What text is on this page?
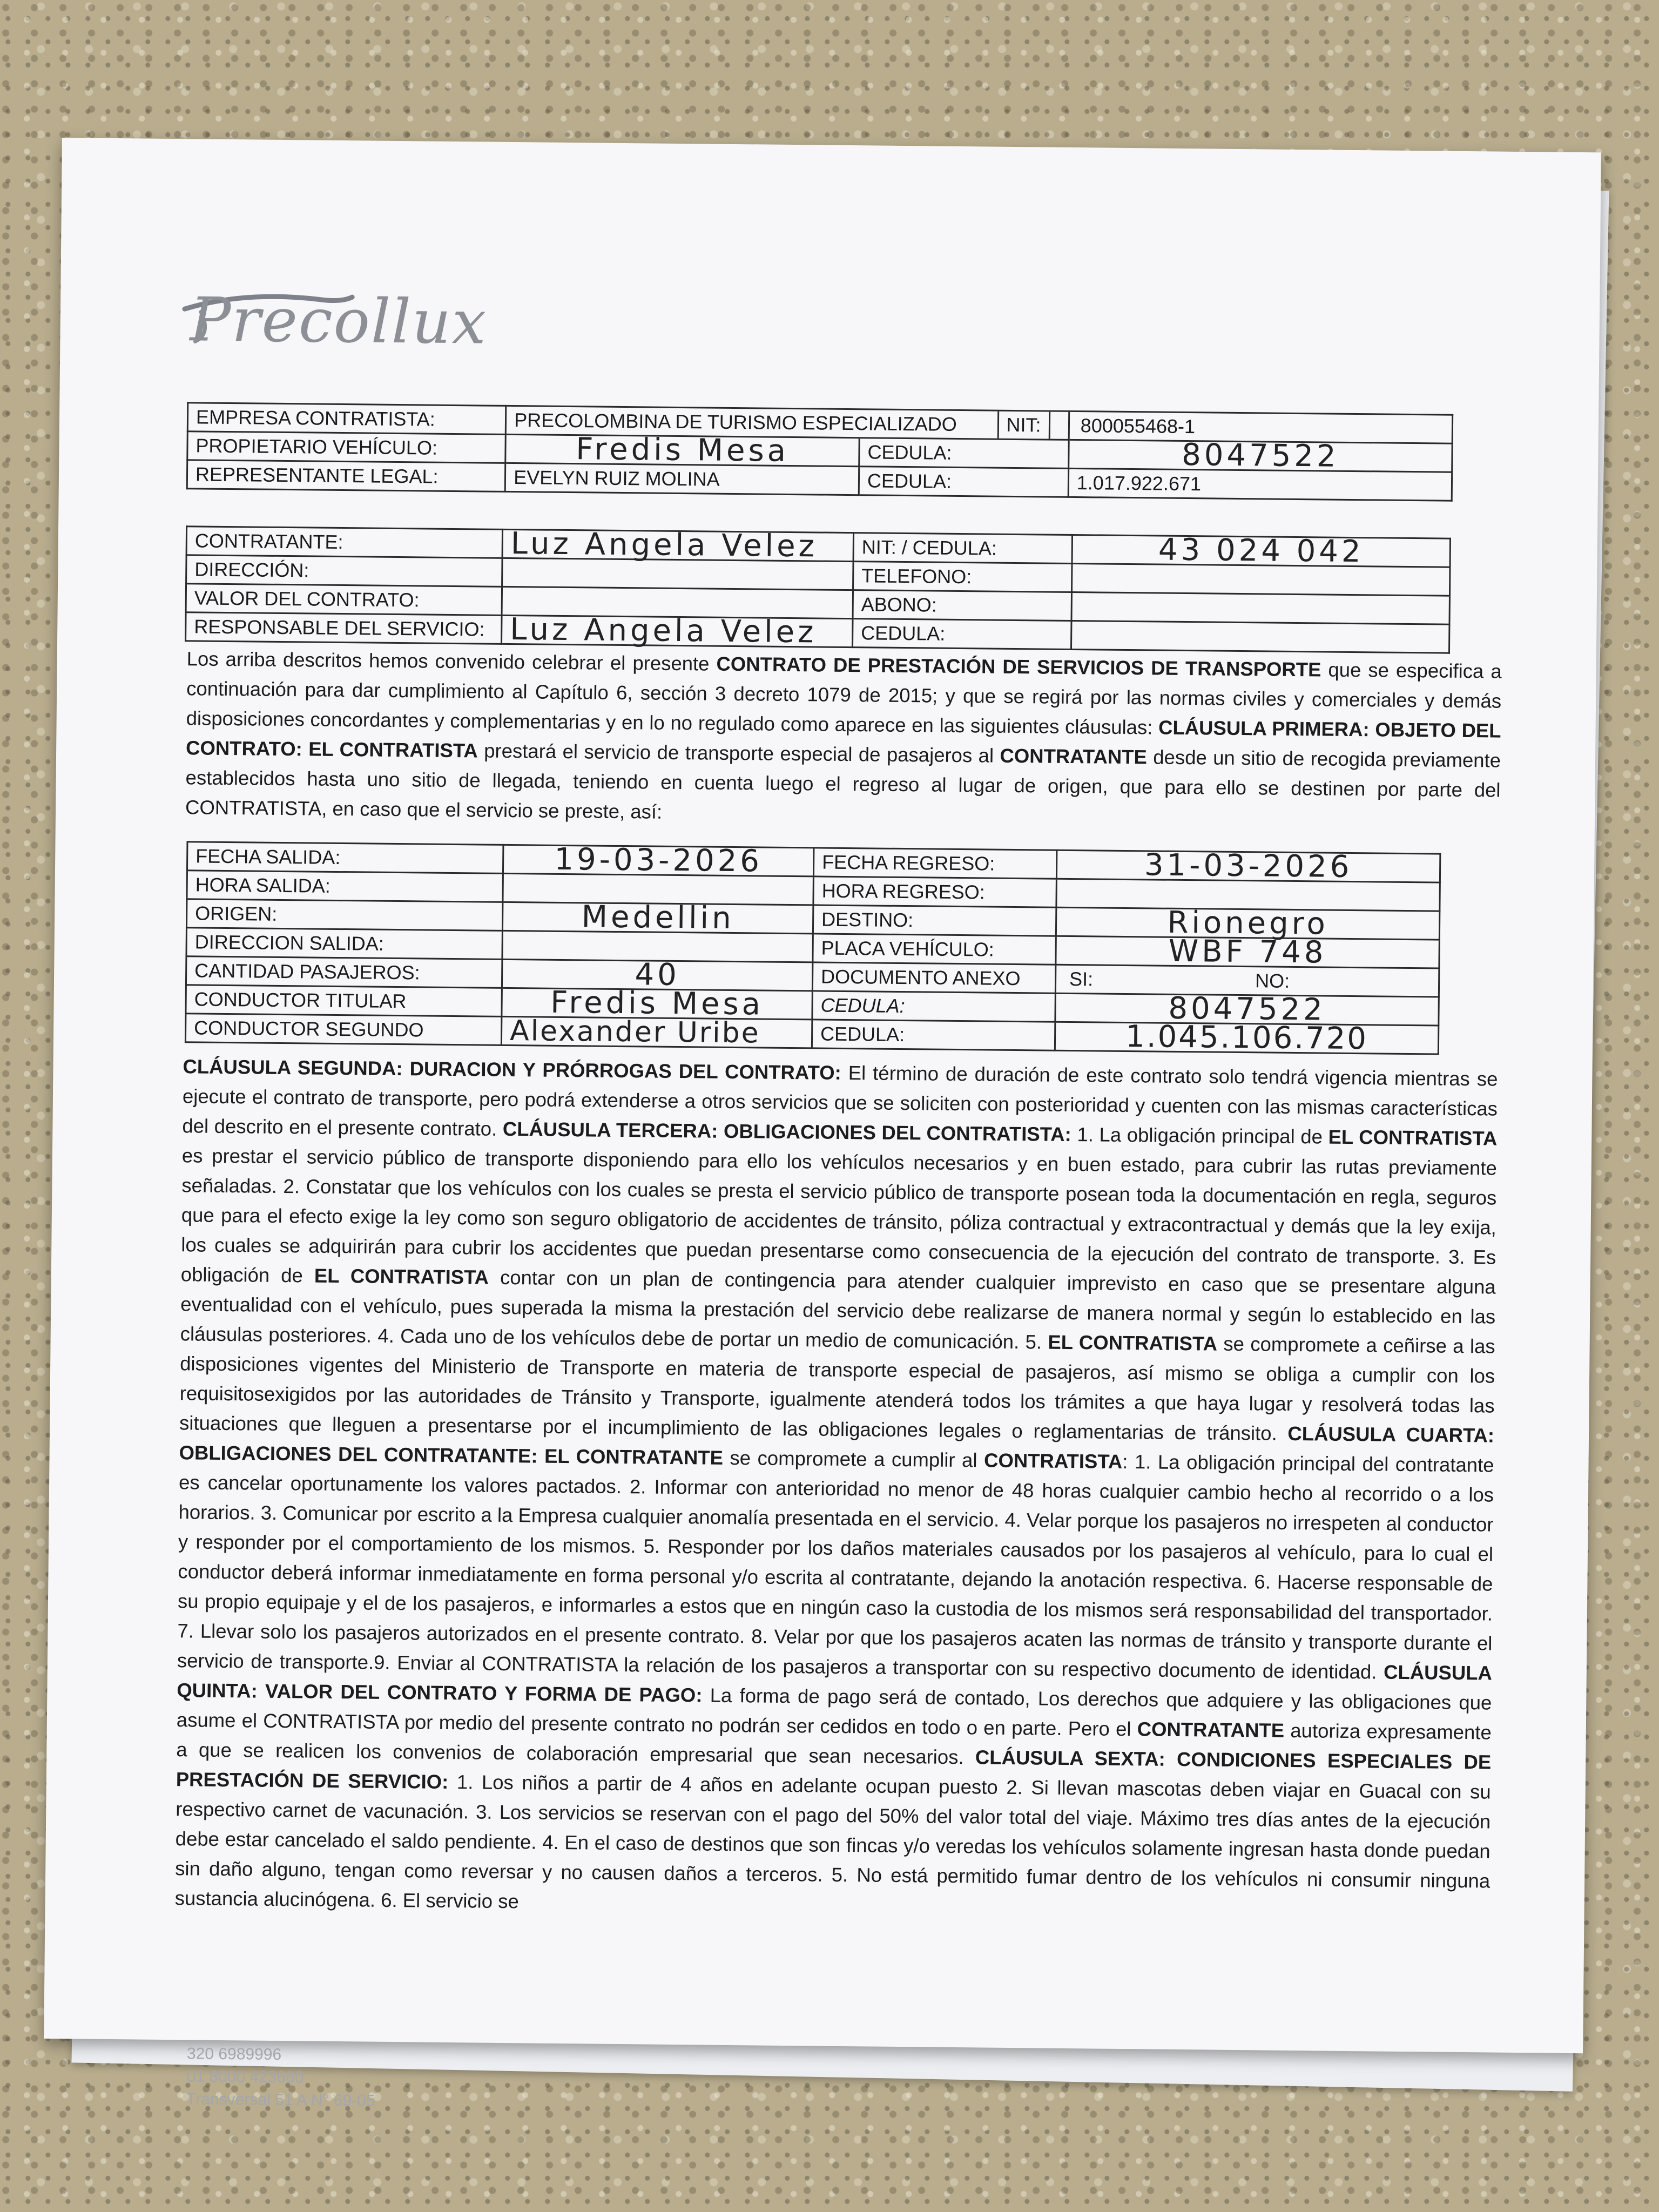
Precollux
EMPRESA CONTRATISTA:	PRECOLOMBINA DE TURISMO ESPECIALIZADO	NIT:	800055468-1
PROPIETARIO VEHÍCULO:	Fredis Mesa	CEDULA:	8047522
REPRESENTANTE LEGAL:	EVELYN RUIZ MOLINA	CEDULA:	1.017.922.671
CONTRATANTE:	Luz Angela Velez	NIT: / CEDULA:	43 024 042
DIRECCIÓN:		TELEFONO:	
VALOR DEL CONTRATO:		ABONO:	
RESPONSABLE DEL SERVICIO:	Luz Angela Velez	CEDULA:	

Los arriba descritos hemos convenido celebrar el presente CONTRATO DE PRESTACIÓN DE SERVICIOS DE TRANSPORTE que se especifica a continuación para dar cumplimiento al Capítulo 6, sección 3 decreto 1079 de 2015; y que se regirá por las normas civiles y comerciales y demás disposiciones concordantes y complementarias y en lo no regulado como aparece en las siguientes cláusulas: CLÁUSULA PRIMERA: OBJETO DEL CONTRATO: EL CONTRATISTA prestará el servicio de transporte especial de pasajeros al CONTRATANTE desde un sitio de recogida previamente establecidos hasta uno sitio de llegada, teniendo en cuenta luego el regreso al lugar de origen, que para ello se destinen por parte del CONTRATISTA, en caso que el servicio se preste, así:

FECHA SALIDA:	19-03-2026	FECHA REGRESO:	31-03-2026
HORA SALIDA:		HORA REGRESO:	
ORIGEN:	Medellin	DESTINO:	Rionegro
DIRECCION SALIDA:		PLACA VEHÍCULO:	WBF 748
CANTIDAD PASAJEROS:	40	DOCUMENTO ANEXO	SI: NO:
CONDUCTOR TITULAR	Fredis Mesa	CEDULA:	8047522
CONDUCTOR SEGUNDO	Alexander Uribe	CEDULA:	1.045.106.720

CLÁUSULA SEGUNDA: DURACION Y PRÓRROGAS DEL CONTRATO: El término de duración de este contrato solo tendrá vigencia mientras se ejecute el contrato de transporte, pero podrá extenderse a otros servicios que se soliciten con posterioridad y cuenten con las mismas características del descrito en el presente contrato. CLÁUSULA TERCERA: OBLIGACIONES DEL CONTRATISTA: 1. La obligación principal de EL CONTRATISTA es prestar el servicio público de transporte disponiendo para ello los vehículos necesarios y en buen estado, para cubrir las rutas previamente señaladas. 2. Constatar que los vehículos con los cuales se presta el servicio público de transporte posean toda la documentación en regla, seguros que para el efecto exige la ley como son seguro obligatorio de accidentes de tránsito, póliza contractual y extracontractual y demás que la ley exija, los cuales se adquirirán para cubrir los accidentes que puedan presentarse como consecuencia de la ejecución del contrato de transporte. 3. Es obligación de EL CONTRATISTA contar con un plan de contingencia para atender cualquier imprevisto en caso que se presentare alguna eventualidad con el vehículo, pues superada la misma la prestación del servicio debe realizarse de manera normal y según lo establecido en las cláusulas posteriores. 4. Cada uno de los vehículos debe de portar un medio de comunicación. 5. EL CONTRATISTA se compromete a ceñirse a las disposiciones vigentes del Ministerio de Transporte en materia de transporte especial de pasajeros, así mismo se obliga a cumplir con los requisitosexigidos por las autoridades de Tránsito y Transporte, igualmente atenderá todos los trámites a que haya lugar y resolverá todas las situaciones que lleguen a presentarse por el incumplimiento de las obligaciones legales o reglamentarias de tránsito. CLÁUSULA CUARTA: OBLIGACIONES DEL CONTRATANTE: EL CONTRATANTE se compromete a cumplir al CONTRATISTA: 1. La obligación principal del contratante es cancelar oportunamente los valores pactados. 2. Informar con anterioridad no menor de 48 horas cualquier cambio hecho al recorrido o a los horarios. 3. Comunicar por escrito a la Empresa cualquier anomalía presentada en el servicio. 4. Velar porque los pasajeros no irrespeten al conductor y responder por el comportamiento de los mismos. 5. Responder por los daños materiales causados por los pasajeros al vehículo, para lo cual el conductor deberá informar inmediatamente en forma personal y/o escrita al contratante, dejando la anotación respectiva. 6. Hacerse responsable de su propio equipaje y el de los pasajeros, e informarles a estos que en ningún caso la custodia de los mismos será responsabilidad del transportador. 7. Llevar solo los pasajeros autorizados en el presente contrato. 8. Velar por que los pasajeros acaten las normas de tránsito y transporte durante el servicio de transporte.9. Enviar al CONTRATISTA la relación de los pasajeros a transportar con su respectivo documento de identidad. CLÁUSULA QUINTA: VALOR DEL CONTRATO Y FORMA DE PAGO: La forma de pago será de contado, Los derechos que adquiere y las obligaciones que asume el CONTRATISTA por medio del presente contrato no podrán ser cedidos en todo o en parte. Pero el CONTRATANTE autoriza expresamente a que se realicen los convenios de colaboración empresarial que sean necesarios. CLÁUSULA SEXTA: CONDICIONES ESPECIALES DE PRESTACIÓN DE SERVICIO: 1. Los niños a partir de 4 años en adelante ocupan puesto 2. Si llevan mascotas deben viajar en Guacal con su respectivo carnet de vacunación. 3. Los servicios se reservan con el pago del 50% del valor total del viaje. Máximo tres días antes de la ejecución debe estar cancelado el saldo pendiente. 4. En el caso de destinos que son fincas y/o veredas los vehículos solamente ingresan hasta donde puedan sin daño alguno, tengan como reversar y no causen daños a terceros. 5. No está permitido fumar dentro de los vehículos ni consumir ninguna sustancia alucinógena. 6. El servicio se

320 6989996
01 8000 423660
Transversal 51 A N° 69-05
